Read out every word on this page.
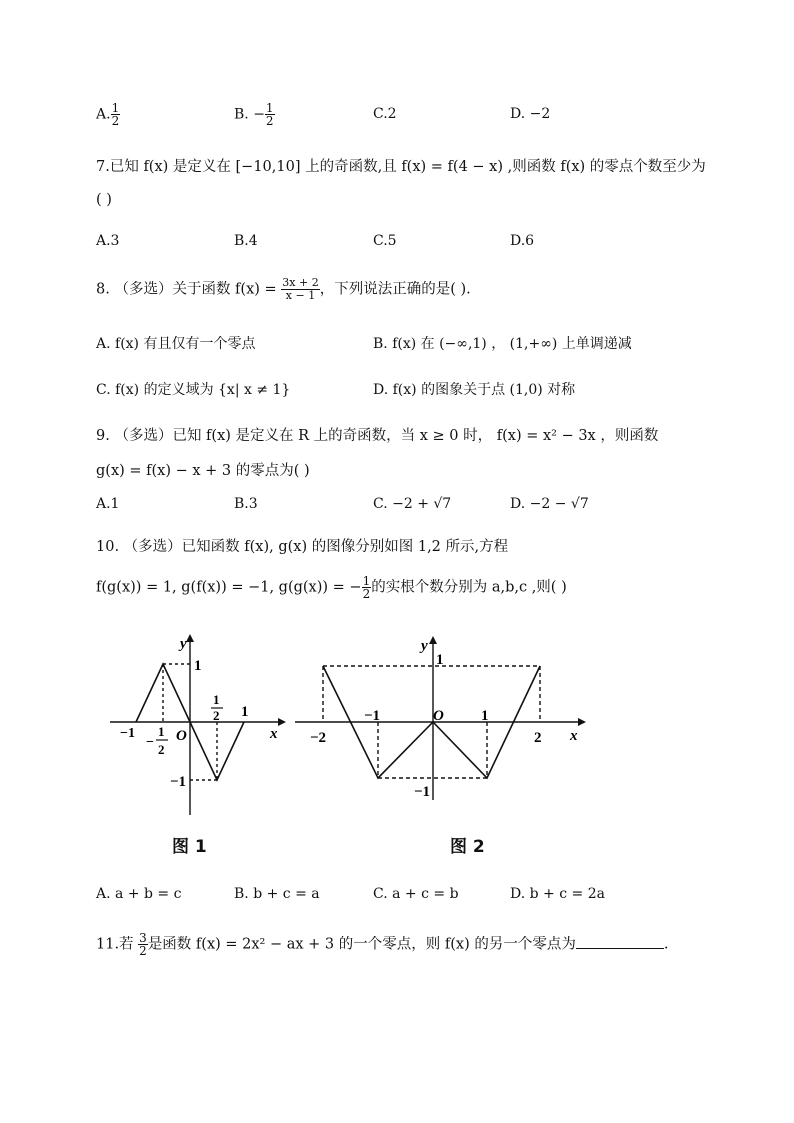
A. $\frac{1}{2}$	B. − $\frac{1}{2}$	C.2	D. −2
7.已知 f(x) 是定义在 [−10,10] 上的奇函数,且 f(x) = f(4 − x) ,则函数 f(x) 的零点个数至少为
( )
A.3	B.4	C.5	D.6
8. （多选）关于函数 $f(x) = \frac{3x + 2}{x - 1}$ ，下列说法正确的是( ).
A. f(x) 有且仅有一个零点	B. f(x) 在 (−∞,1) ， (1,+∞) 上单调递减
C. f(x) 的定义域为 {x| x ≠ 1}	D. f(x) 的图象关于点 (1,0) 对称
9. （多选）已知 f(x) 是定义在 R 上的奇函数，当 x ≥ 0 时， f(x) = x² − 3x ，则函数
g(x) = f(x) − x + 3 的零点为( )
A.1	B.3	C. −2 + √7	D. −2 − √7
10. （多选）已知函数 f(x), g(x) 的图像分别如图 1,2 所示,方程
f(g(x)) = 1, g(f(x)) = −1, g(g(x)) = − $\frac{1}{2}$ 的实根个数分别为 a,b,c ,则( )
y
x
1
−1
−
1
2
O
1
2 1
−1
图 1
y
x
1
−2
−1	O 1
2
−1
图 2
A. a + b = c	B. b + c = a	C. a + c = b	D. b + c = 2a
11.若 $\frac{3}{2}$ 是函数 f(x) = 2x² − ax + 3 的一个零点，则 f(x) 的另一个零点为	.
